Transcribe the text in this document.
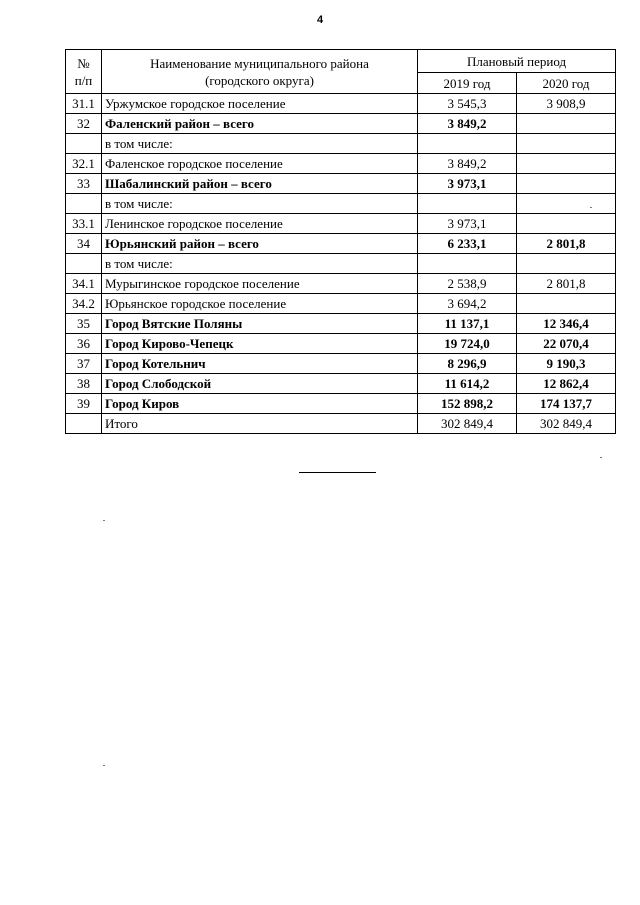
4
№
п/п	Наименование муниципального района
(городского округа)	Плановый период	
		2019 год	2020 год
31.1	Уржумское городское поселение	3 545,3	3 908,9
32	Фаленский район – всего	3 849,2	
	в том числе:		
32.1	Фаленское городское поселение	3 849,2	
33	Шабалинский район – всего	3 973,1	
	в том числе:		
33.1	Ленинское городское поселение	3 973,1	
34	Юрьянский район – всего	6 233,1	2 801,8
	в том числе:		
34.1	Мурыгинское городское поселение	2 538,9	2 801,8
34.2	Юрьянское городское поселение	3 694,2	
35	Город Вятские Поляны	11 137,1	12 346,4
36	Город Кирово-Чепецк	19 724,0	22 070,4
37	Город Котельнич	8 296,9	9 190,3
38	Город Слободской	11 614,2	12 862,4
39	Город Киров	152 898,2	174 137,7
	Итого	302 849,4	302 849,4
